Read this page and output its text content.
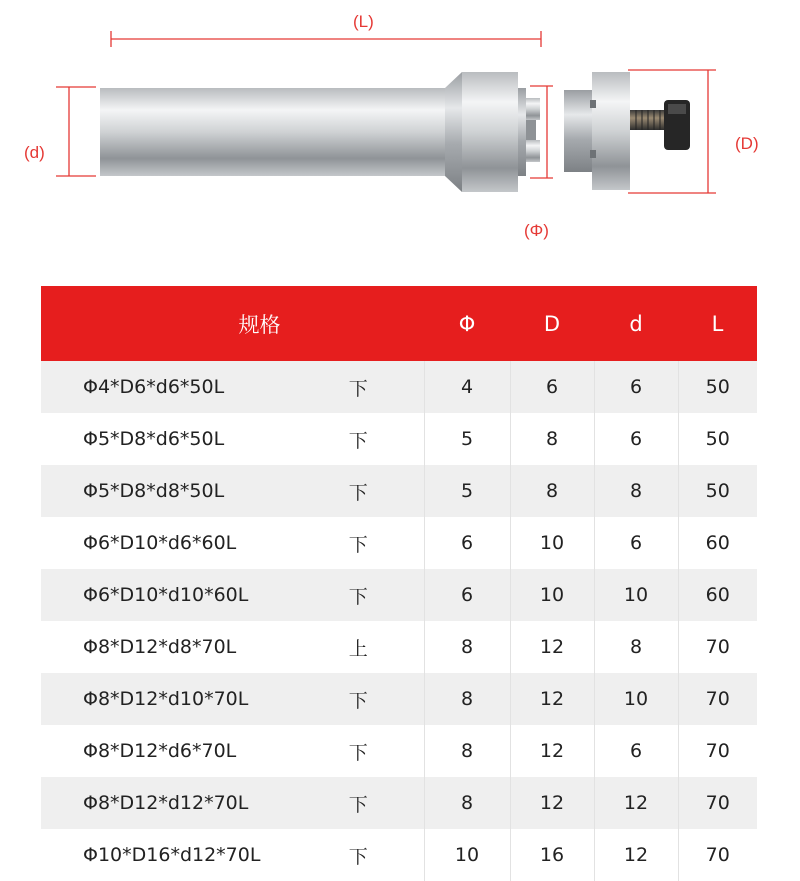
(L)
(d)	(D)
(Φ)
规格		Φ	D	d	L
Φ4*D6*d6*50L	下	4	6	6	50
Φ5*D8*d6*50L	下	5	8	6	50
Φ5*D8*d8*50L	下	5	8	8	50
Φ6*D10*d6*60L	下	6	10	6	60
Φ6*D10*d10*60L	下	6	10	10	60
Φ8*D12*d8*70L	上	8	12	8	70
Φ8*D12*d10*70L	下	8	12	10	70
Φ8*D12*d6*70L	下	8	12	6	70
Φ8*D12*d12*70L	下	8	12	12	70
Φ10*D16*d12*70L	下	10	16	12	70
